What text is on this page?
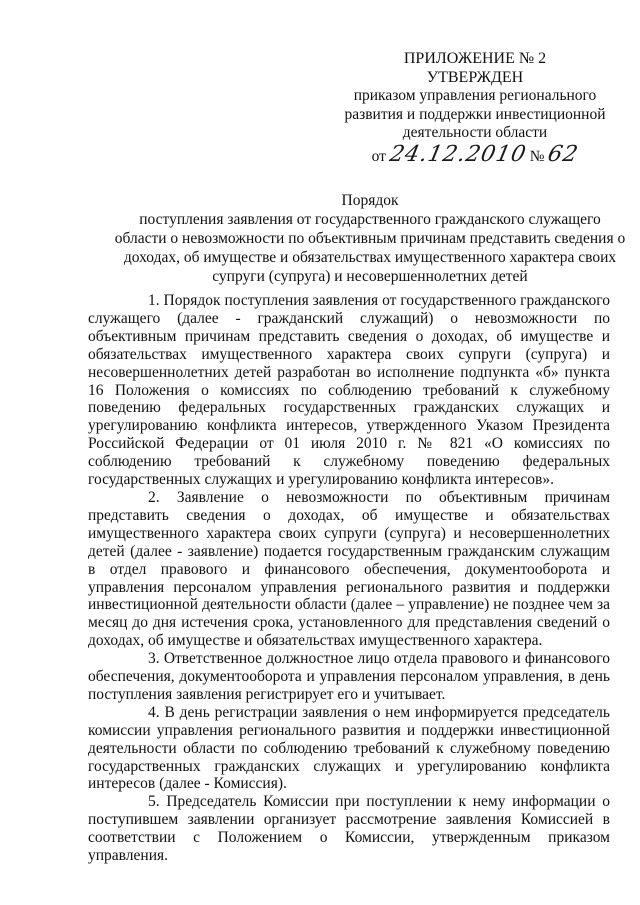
ПРИЛОЖЕНИЕ № 2
УТВЕРЖДЕН
приказом управления регионального
развития и поддержки инвестиционной
деятельности области
от 24.12.2010 № 62
Порядок
поступления заявления от государственного гражданского служащего
области о невозможности по объективным причинам представить сведения о
доходах, об имуществе и обязательствах имущественного характера своих
супруги (супруга) и несовершеннолетних детей

1. Порядок поступления заявления от государственного гражданского служащего (далее - гражданский служащий) о невозможности по объективным причинам представить сведения о доходах, об имуществе и обязательствах имущественного характера своих супруги (супруга) и несовершеннолетних детей разработан во исполнение подпункта «б» пункта 16 Положения о комиссиях по соблюдению требований к служебному поведению федеральных государственных гражданских служащих и урегулированию конфликта интересов, утвержденного Указом Президента Российской Федерации от 01 июля 2010 г. № 821 «О комиссиях по соблюдению требований к служебному поведению федеральных государственных служащих и урегулированию конфликта интересов».

2. Заявление о невозможности по объективным причинам представить сведения о доходах, об имуществе и обязательствах имущественного характера своих супруги (супруга) и несовершеннолетних детей (далее - заявление) подается государственным гражданским служащим в отдел правового и финансового обеспечения, документооборота и управления персоналом управления регионального развития и поддержки инвестиционной деятельности области (далее – управление) не позднее чем за месяц до дня истечения срока, установленного для представления сведений о доходах, об имуществе и обязательствах имущественного характера.

3. Ответственное должностное лицо отдела правового и финансового обеспечения, документооборота и управления персоналом управления, в день поступления заявления регистрирует его и учитывает.

4. В день регистрации заявления о нем информируется председатель комиссии управления регионального развития и поддержки инвестиционной деятельности области по соблюдению требований к служебному поведению государственных гражданских служащих и урегулированию конфликта интересов (далее - Комиссия).

5. Председатель Комиссии при поступлении к нему информации о поступившем заявлении организует рассмотрение заявления Комиссией в соответствии с Положением о Комиссии, утвержденным приказом управления.
